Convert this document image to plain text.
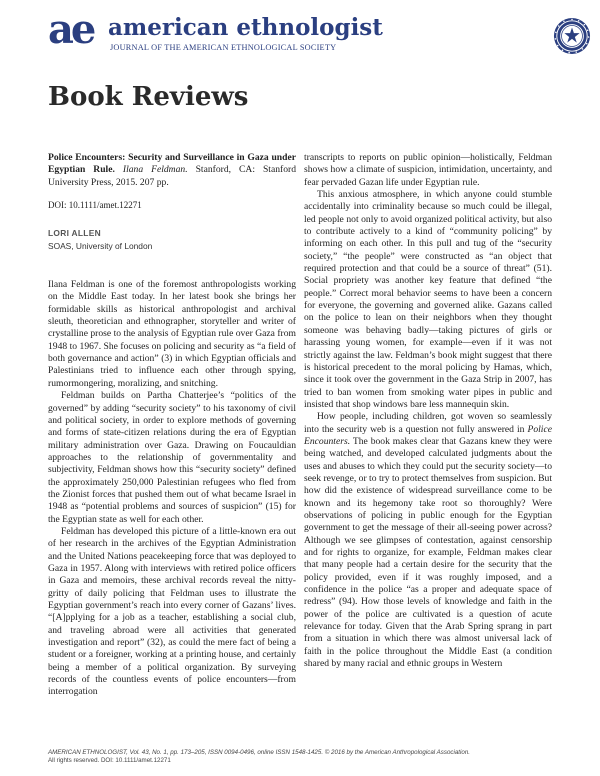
ae american ethnologist
JOURNAL OF THE AMERICAN ETHNOLOGICAL SOCIETY
Book Reviews

Police Encounters: Security and Surveillance in Gaza under Egyptian Rule. Ilana Feldman. Stanford, CA: Stanford University Press, 2015. 207 pp.

DOI: 10.1111/amet.12271

LORI ALLEN
SOAS, University of London

Ilana Feldman is one of the foremost anthropologists working on the Middle East today. In her latest book she brings her formidable skills as historical anthropologist and archival sleuth, theoretician and ethnographer, storyteller and writer of crystalline prose to the analysis of Egyptian rule over Gaza from 1948 to 1967. She focuses on policing and security as “a field of both governance and action” (3) in which Egyptian officials and Palestinians tried to influence each other through spying, rumormongering, moralizing, and snitching.

Feldman builds on Partha Chatterjee’s “politics of the governed” by adding “security society” to his taxonomy of civil and political society, in order to explore methods of governing and forms of state-citizen relations during the era of Egyptian military administration over Gaza. Drawing on Foucauldian approaches to the relationship of governmentality and subjectivity, Feldman shows how this “security society” defined the approximately 250,000 Palestinian refugees who fled from the Zionist forces that pushed them out of what became Israel in 1948 as “potential problems and sources of suspicion” (15) for the Egyptian state as well for each other.

Feldman has developed this picture of a little-known era out of her research in the archives of the Egyptian Administration and the United Nations peacekeeping force that was deployed to Gaza in 1957. Along with interviews with retired police officers in Gaza and memoirs, these archival records reveal the nitty-gritty of daily policing that Feldman uses to illustrate the Egyptian government’s reach into every corner of Gazans’ lives. “[A]pplying for a job as a teacher, establishing a social club, and traveling abroad were all activities that generated investigation and report” (32), as could the mere fact of being a student or a foreigner, working at a printing house, and certainly being a member of a political organization. By surveying records of the countless events of police encounters—from interrogation

transcripts to reports on public opinion—holistically, Feldman shows how a climate of suspicion, intimidation, uncertainty, and fear pervaded Gazan life under Egyptian rule.

This anxious atmosphere, in which anyone could stumble accidentally into criminality because so much could be illegal, led people not only to avoid organized political activity, but also to contribute actively to a kind of “community policing” by informing on each other. In this pull and tug of the “security society,” “the people” were constructed as “an object that required protection and that could be a source of threat” (51). Social propriety was another key feature that defined “the people.” Correct moral behavior seems to have been a concern for everyone, the governing and governed alike. Gazans called on the police to lean on their neighbors when they thought someone was behaving badly—taking pictures of girls or harassing young women, for example—even if it was not strictly against the law. Feldman’s book might suggest that there is historical precedent to the moral policing by Hamas, which, since it took over the government in the Gaza Strip in 2007, has tried to ban women from smoking water pipes in public and insisted that shop windows bare less mannequin skin.

How people, including children, got woven so seamlessly into the security web is a question not fully answered in Police Encounters. The book makes clear that Gazans knew they were being watched, and developed calculated judgments about the uses and abuses to which they could put the security society—to seek revenge, or to try to protect themselves from suspicion. But how did the existence of widespread surveillance come to be known and its hegemony take root so thoroughly? Were observations of policing in public enough for the Egyptian government to get the message of their all-seeing power across? Although we see glimpses of contestation, against censorship and for rights to organize, for example, Feldman makes clear that many people had a certain desire for the security that the policy provided, even if it was roughly imposed, and a confidence in the police “as a proper and adequate space of redress” (94). How those levels of knowledge and faith in the power of the police are cultivated is a question of acute relevance for today. Given that the Arab Spring sprang in part from a situation in which there was almost universal lack of faith in the police throughout the Middle East (a condition shared by many racial and ethnic groups in Western

AMERICAN ETHNOLOGIST, Vol. 43, No. 1, pp. 173–205, ISSN 0094-0496, online ISSN 1548-1425. © 2016 by the American Anthropological Association.
All rights reserved. DOI: 10.1111/amet.12271
